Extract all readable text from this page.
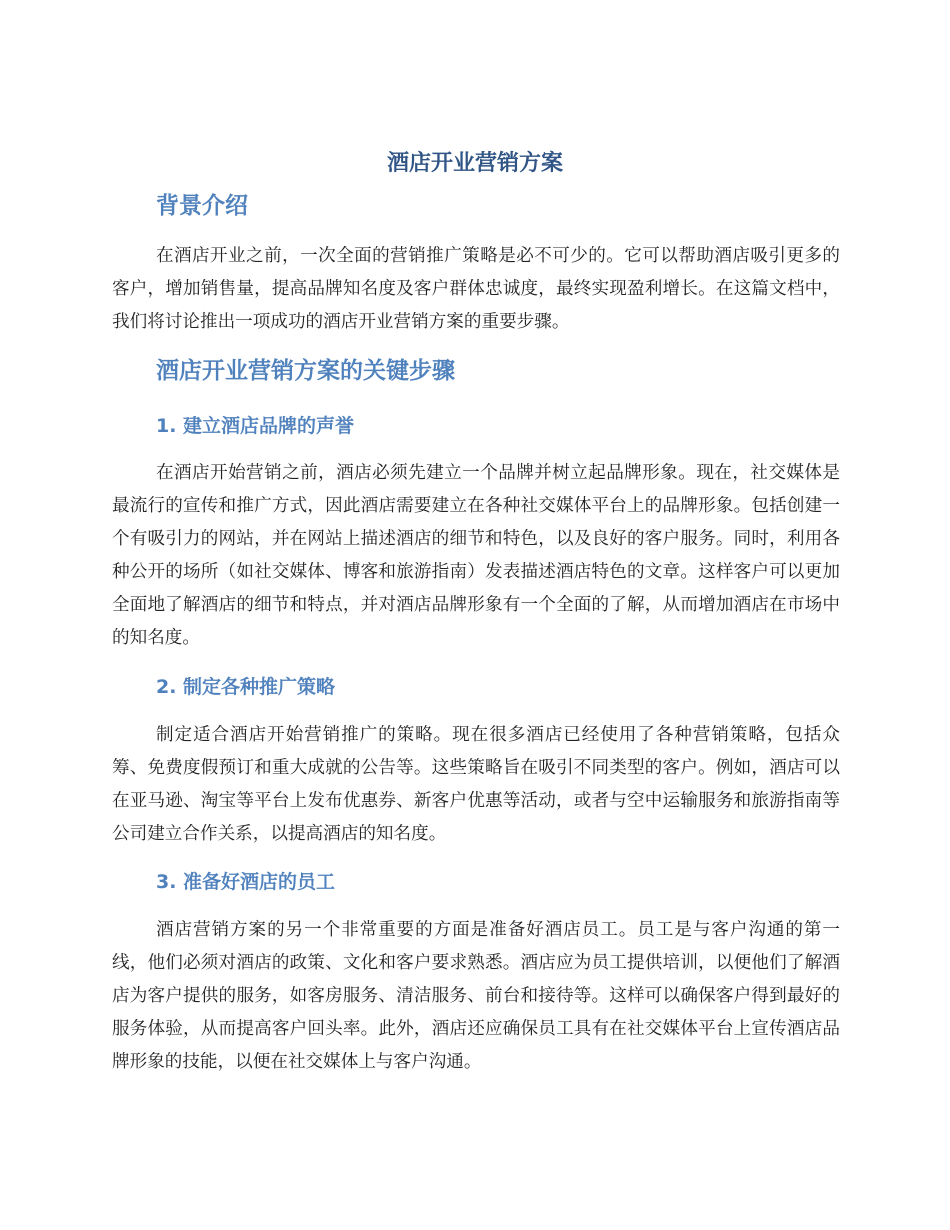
酒店开业营销方案
背景介绍

在酒店开业之前，一次全面的营销推广策略是必不可少的。它可以帮助酒店吸引更多的客户，增加销售量，提高品牌知名度及客户群体忠诚度，最终实现盈利增长。在这篇文档中，我们将讨论推出一项成功的酒店开业营销方案的重要步骤。

酒店开业营销方案的关键步骤
1. 建立酒店品牌的声誉

在酒店开始营销之前，酒店必须先建立一个品牌并树立起品牌形象。现在，社交媒体是最流行的宣传和推广方式，因此酒店需要建立在各种社交媒体平台上的品牌形象。包括创建一个有吸引力的网站，并在网站上描述酒店的细节和特色，以及良好的客户服务。同时，利用各种公开的场所（如社交媒体、博客和旅游指南）发表描述酒店特色的文章。这样客户可以更加全面地了解酒店的细节和特点，并对酒店品牌形象有一个全面的了解，从而增加酒店在市场中的知名度。

2. 制定各种推广策略

制定适合酒店开始营销推广的策略。现在很多酒店已经使用了各种营销策略，包括众筹、免费度假预订和重大成就的公告等。这些策略旨在吸引不同类型的客户。例如，酒店可以在亚马逊、淘宝等平台上发布优惠券、新客户优惠等活动，或者与空中运输服务和旅游指南等公司建立合作关系，以提高酒店的知名度。

3. 准备好酒店的员工

酒店营销方案的另一个非常重要的方面是准备好酒店员工。员工是与客户沟通的第一线，他们必须对酒店的政策、文化和客户要求熟悉。酒店应为员工提供培训，以便他们了解酒店为客户提供的服务，如客房服务、清洁服务、前台和接待等。这样可以确保客户得到最好的服务体验，从而提高客户回头率。此外，酒店还应确保员工具有在社交媒体平台上宣传酒店品牌形象的技能，以便在社交媒体上与客户沟通。
